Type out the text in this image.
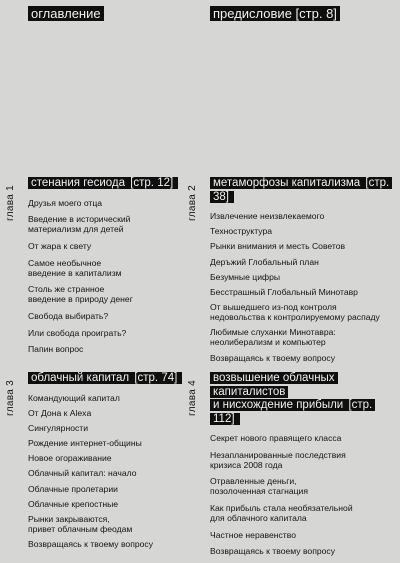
оглавление	предисловие [стр. 8]
глава 1
стенания гесиода [стр. 12]
Друзья моего отца
Введение в исторический
материализм для детей
От жара к свету
Самое необычное
введение в капитализм
Столь же странное
введение в природу денег
Свобода выбирать?
Или свобода проиграть?
Папин вопрос
глава 2
метаморфозы капитализма [стр. 38]
Извлечение неизвлекаемого
Техноструктура
Рынки внимания и месть Советов
Деръжий Глобальный план
Безумные цифры
Бесстрашный Глобальный Минотавр
От вышедшего из-под контроля
недовольства к контролируемому распаду
Любимые слуханки Минотавра:
неолиберализм и компьютер
Возвращаясь к твоему вопросу
глава 3
облачный капитал [стр. 74]
Командующий капитал
От Дона к Alexa
Сингулярности
Рождение интернет-общины
Новое огораживание
Облачный капитал: начало
Облачные пролетарии
Облачные крепостные
Рынки закрываются,
привет облачным феодам
Возвращаясь к твоему вопросу
глава 4
возвышение облачных
капиталистов
и нисхождение прибыли [стр. 112]
Секрет нового правящего класса
Незапланированные последствия
кризиса 2008 года
Отравленные деньги,
позолоченная стагнация
Как прибыль стала необязательной
для облачного капитала
Частное неравенство
Возвращаясь к твоему вопросу
